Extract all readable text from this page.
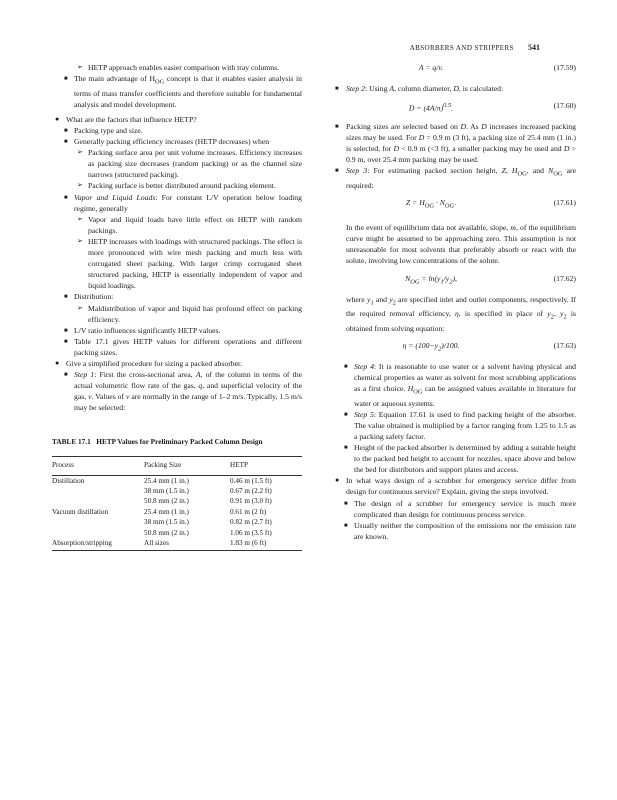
ABSORBERS AND STRIPPERS 541

➢ HETP approach enables easier comparison with tray columns.

■ The main advantage of $H_{OG}$ concept is that it enables easier analysis in terms of mass transfer coefficients and therefore suitable for fundamental analysis and model development.

● What are the factors that influence HETP?

■ Packing type and size.

■ Generally packing efficiency increases (HETP decreases) when

➢ Packing surface area per unit volume increases. Efficiency increases as packing size decreases (random packing) or as the channel size narrows (structured packing).

➢ Packing surface is better distributed around packing element.

■ Vapor and Liquid Loads: For constant L/V operation below loading regime, generally

➢ Vapor and liquid loads have little effect on HETP with random packings.

➢ HETP increases with loadings with structured packings. The effect is more pronounced with wire mesh packing and much less with corrugated sheet packing. With larger crimp corrugated sheet structured packing, HETP is essentially independent of vapor and liquid loadings.

■ Distribution:

➢ Maldistribution of vapor and liquid has profound effect on packing efficiency.

■ L/V ratio influences significantly HETP values.

■ Table 17.1 gives HETP values for different operations and different packing sizes.

● Give a simplified procedure for sizing a packed absorber.

■ Step 1: First the cross-sectional area, A, of the column in terms of the actual volumetric flow rate of the gas, q, and superficial velocity of the gas, v. Values of v are normally in the range of 1–2 m/s. Typically, 1.5 m/s may be selected:

TABLE 17.1   HETP Values for Preliminary Packed Column Design

Process	Packing Size	HETP
Distillation	25.4 mm (1 in.)	0.46 m (1.5 ft)
	38 mm (1.5 in.)	0.67 m (2.2 ft)
	50.8 mm (2 in.)	0.91 m (3.0 ft)
Vacuum distillation	25.4 mm (1 in.)	0.61 m (2 ft)
	38 mm (1.5 in.)	0.82 m (2.7 ft)
	50.8 mm (2 in.)	1.06 m (3.5 ft)
Absorption/stripping	All sizes	1.83 m (6 ft)
A = q/v.	(17.59)

■ Step 2: Using A, column diameter, D, is calculated:

$D = (4A/\pi)^{0.5}$.	(17.60)

■ Packing sizes are selected based on D. As D increases increased packing sizes may be used. For D = 0.9 m (3 ft), a packing size of 25.4 mm (1 in.) is selected, for D < 0.9 m (<3 ft), a smaller packing may be used and D > 0.9 m, over 25.4 mm packing may be used.

■ Step 3: For estimating packed section height, Z, $H_{OG}$, and $N_{OG}$ are required:

$Z = H_{OG} \cdot N_{OG}$.	(17.61)

In the event of equilibrium data not available, slope, m, of the equilibrium curve might be assumed to be approaching zero. This assumption is not unreasonable for most solvents that preferably absorb or react with the solute, involving low concentrations of the solute.

$N_{OG} = \ln(y_1/y_2)$,	(17.62)

where $y_1$ and $y_2$ are specified inlet and outlet components, respectively. If the required removal efficiency, η, is specified in place of $y_2$, $y_2$ is obtained from solving equation:

$\eta = (100-y_2)/100$.	(17.63)

■ Step 4: It is reasonable to use water or a solvent having physical and chemical properties as water as solvent for most scrubbing applications as a first choice. $H_{OG}$ can be assigned values available in literature for water or aqueous systems.

■ Step 5: Equation 17.61 is used to find packing height of the absorber. The value obtained is multiplied by a factor ranging from 1.25 to 1.5 as a packing safety factor.

■ Height of the packed absorber is determined by adding a suitable height to the packed bed height to account for nozzles, space above and below the bed for distributors and support plates and access.

● In what ways design of a scrubber for emergency service differ from design for continuous service? Explain, giving the steps involved.

■ The design of a scrubber for emergency service is much more complicated than design for continuous process service.

■ Usually neither the composition of the emissions nor the emission rate are known.
